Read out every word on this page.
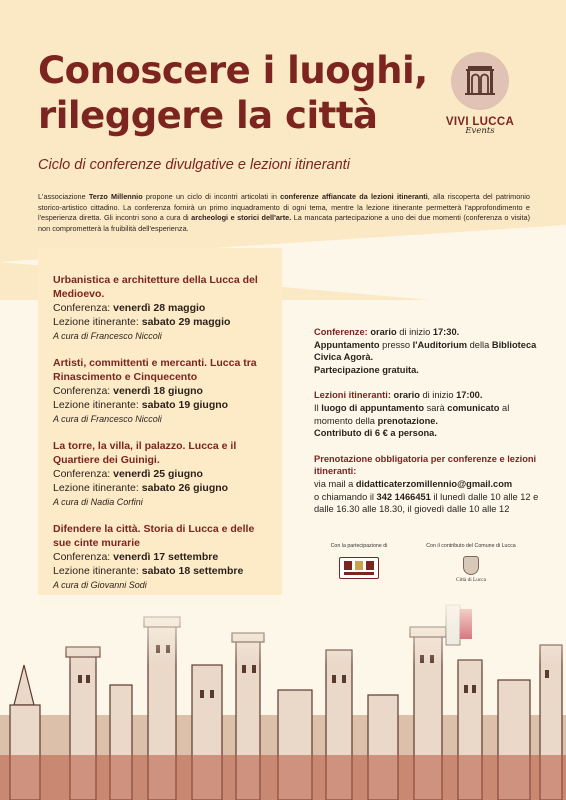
Conoscere i luoghi,
rileggere la città
Ciclo di conferenze divulgative e lezioni itineranti
VIVI LUCCA
Events

L'associazione Terzo Millennio propone un ciclo di incontri articolati in conferenze affiancate da lezioni itineranti, alla riscoperta del patrimonio storico-artistico cittadino. La conferenza fornirà un primo inquadramento di ogni tema, mentre la lezione itinerante permetterà l'approfondimento e l'esperienza diretta. Gli incontri sono a cura di archeologi e storici dell'arte. La mancata partecipazione a uno dei due momenti (conferenza o visita) non comprometterà la fruibilità dell'esperienza.

Urbanistica e architetture della Lucca del Medioevo.
Conferenza: venerdì 28 maggio
Lezione itinerante: sabato 29 maggio
A cura di Francesco Niccoli
Artisti, committenti e mercanti. Lucca tra Rinascimento e Cinquecento
Conferenza: venerdì 18 giugno
Lezione itinerante: sabato 19 giugno
A cura di Francesco Niccoli
La torre, la villa, il palazzo. Lucca e il Quartiere dei Guinigi.
Conferenza: venerdì 25 giugno
Lezione itinerante: sabato 26 giugno
A cura di Nadia Corfini
Difendere la città. Storia di Lucca e delle sue cinte murarie
Conferenza: venerdì 17 settembre
Lezione itinerante: sabato 18 settembre
A cura di Giovanni Sodi
Conferenze: orario di inizio 17:30.
Appuntamento presso l'Auditorium della Biblioteca Civica Agorà.
Partecipazione gratuita.
Lezioni itineranti: orario di inizio 17:00.
Il luogo di appuntamento sarà comunicato al momento della prenotazione.
Contributo di 6 € a persona.
Prenotazione obbligatoria per conferenze e lezioni itineranti:
via mail a didatticaterzomillennio@gmail.com
o chiamando il 342 1466451 il lunedì dalle 10 alle 12 e dalle 16.30 alle 18.30, il giovedì dalle 10 alle 12
Con la partecipazione di	Con il contributo del Comune di Lucca
Città di Lucca
